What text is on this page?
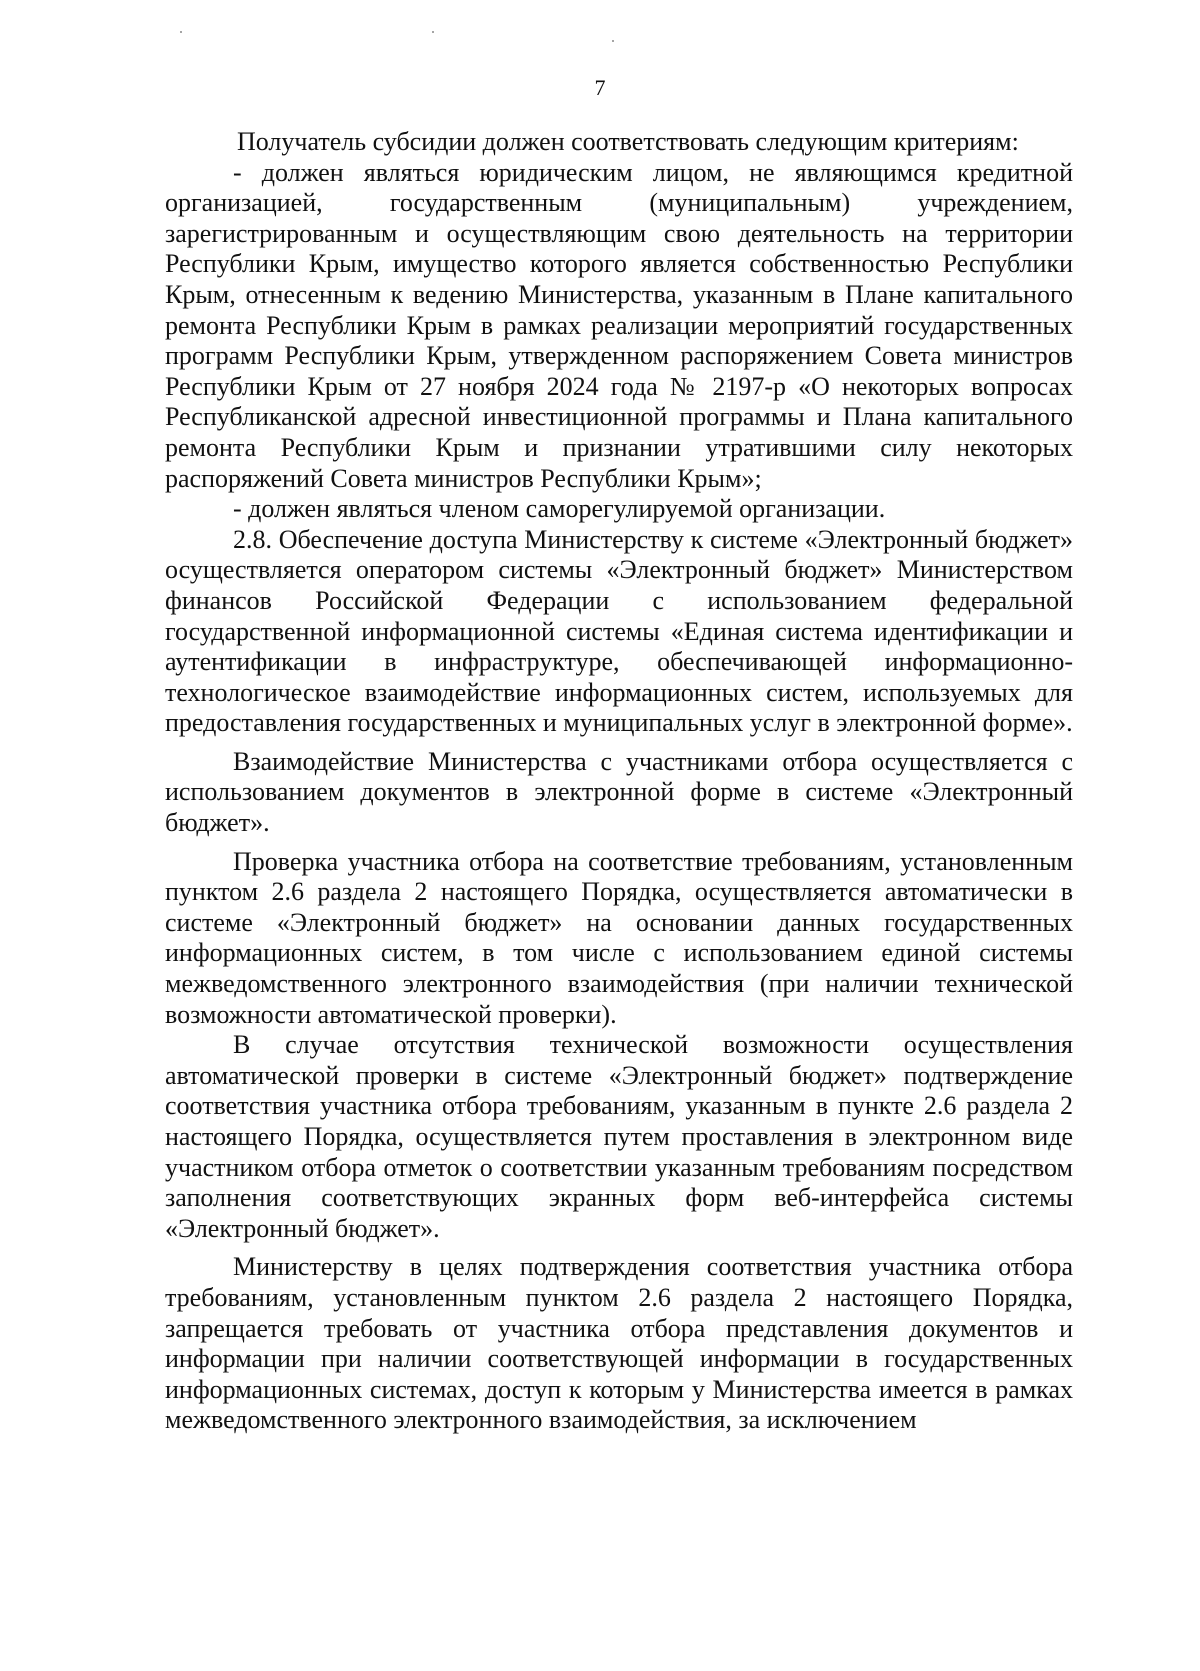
7

Получатель субсидии должен соответствовать следующим критериям:

- должен являться юридическим лицом, не являющимся кредитной организацией, государственным (муниципальным) учреждением, зарегистрированным и осуществляющим свою деятельность на территории Республики Крым, имущество которого является собственностью Республики Крым, отнесенным к ведению Министерства, указанным в Плане капитального ремонта Республики Крым в рамках реализации мероприятий государственных программ Республики Крым, утвержденном распоряжением Совета министров Республики Крым от 27 ноября 2024 года № 2197-р «О некоторых вопросах Республиканской адресной инвестиционной программы и Плана капитального ремонта Республики Крым и признании утратившими силу некоторых распоряжений Совета министров Республики Крым»;

- должен являться членом саморегулируемой организации.

2.8. Обеспечение доступа Министерству к системе «Электронный бюджет» осуществляется оператором системы «Электронный бюджет» Министерством финансов Российской Федерации с использованием федеральной государственной информационной системы «Единая система идентификации и аутентификации в инфраструктуре, обеспечивающей информационно-технологическое взаимодействие информационных систем, используемых для предоставления государственных и муниципальных услуг в электронной форме».

Взаимодействие Министерства с участниками отбора осуществляется с использованием документов в электронной форме в системе «Электронный бюджет».

Проверка участника отбора на соответствие требованиям, установленным пунктом 2.6 раздела 2 настоящего Порядка, осуществляется автоматически в системе «Электронный бюджет» на основании данных государственных информационных систем, в том числе с использованием единой системы межведомственного электронного взаимодействия (при наличии технической возможности автоматической проверки).

В случае отсутствия технической возможности осуществления автоматической проверки в системе «Электронный бюджет» подтверждение соответствия участника отбора требованиям, указанным в пункте 2.6 раздела 2 настоящего Порядка, осуществляется путем проставления в электронном виде участником отбора отметок о соответствии указанным требованиям посредством заполнения соответствующих экранных форм веб-интерфейса системы «Электронный бюджет».

Министерству в целях подтверждения соответствия участника отбора требованиям, установленным пунктом 2.6 раздела 2 настоящего Порядка, запрещается требовать от участника отбора представления документов и информации при наличии соответствующей информации в государственных информационных системах, доступ к которым у Министерства имеется в рамках межведомственного электронного взаимодействия, за исключением
